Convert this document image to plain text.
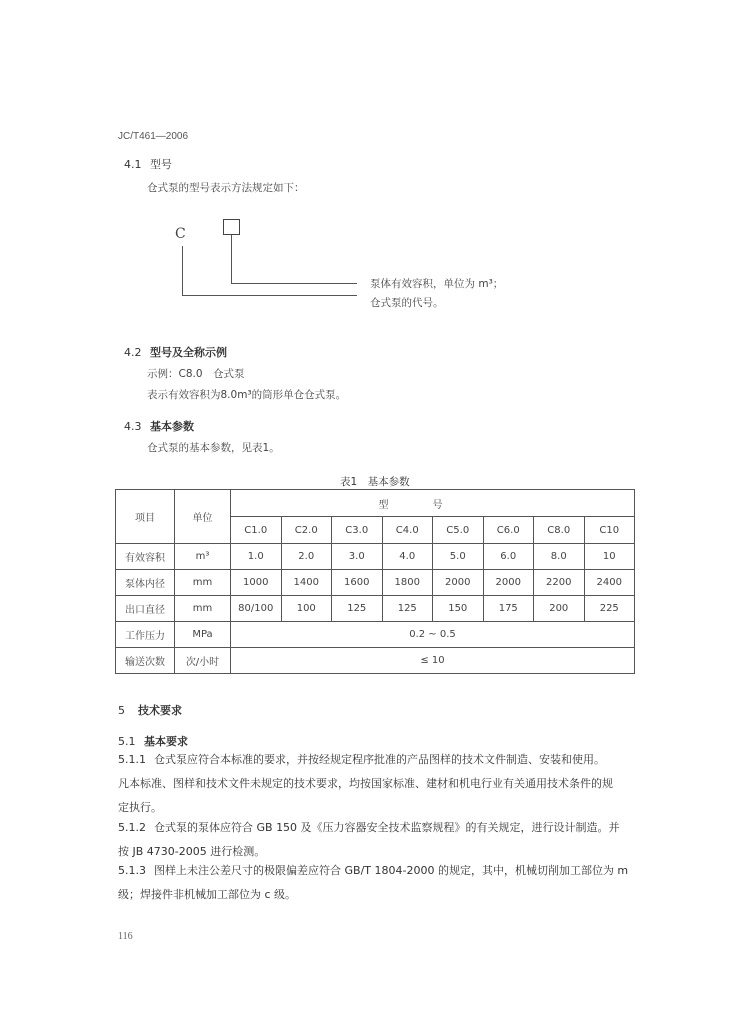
JC/T461—2006
4.1 型号
仓式泵的型号表示方法规定如下：
C
泵体有效容积，单位为 m³；
仓式泵的代号。
4.2 型号及全称示例
示例：C8.0　仓式泵
表示有效容积为8.0m³的筒形单仓仓式泵。
4.3 基本参数
仓式泵的基本参数，见表1。
表1　基本参数
项目	单位	型号							
		C1.0	C2.0	C3.0	C4.0	C5.0	C6.0	C8.0	C10
有效容积	m³	1.0	2.0	3.0	4.0	5.0	6.0	8.0	10
泵体内径	mm	1000	1400	1600	1800	2000	2000	2200	2400
出口直径	mm	80/100	100	125	125	150	175	200	225
工作压力	MPa	0.2 ~ 0.5							
输送次数	次/小时	≤ 10							
5 技术要求
5.1 基本要求
5.1.1 仓式泵应符合本标准的要求，并按经规定程序批准的产品图样的技术文件制造、安装和使用。
凡本标准、图样和技术文件未规定的技术要求，均按国家标准、建材和机电行业有关通用技术条件的规
定执行。
5.1.2 仓式泵的泵体应符合 GB 150 及《压力容器安全技术监察规程》的有关规定，进行设计制造。并
按 JB 4730-2005 进行检测。
5.1.3 图样上未注公差尺寸的极限偏差应符合 GB/T 1804-2000 的规定，其中，机械切削加工部位为 m
级；焊接件非机械加工部位为 c 级。
116
